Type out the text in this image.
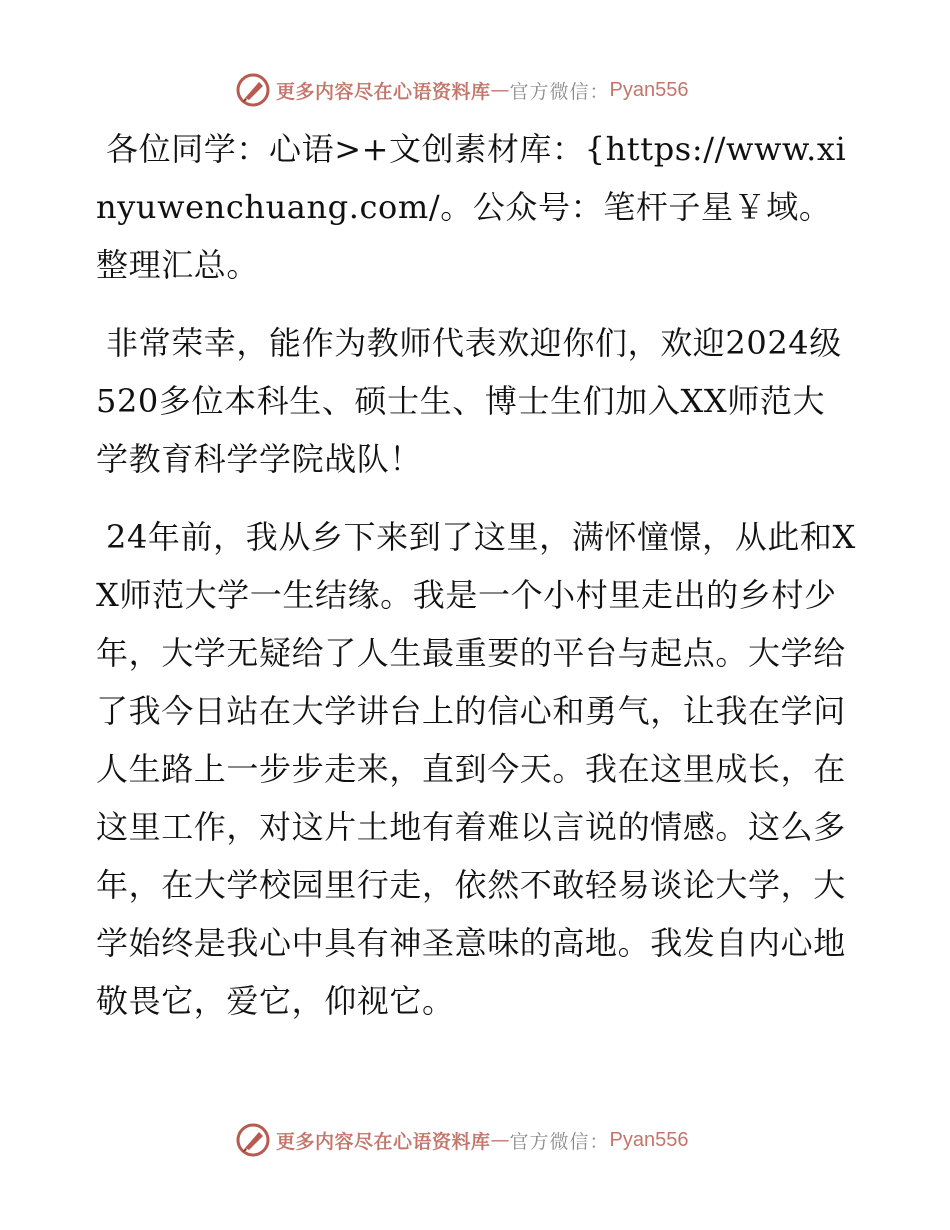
更多内容尽在心语资料库 — 官方微信： Pyan556

各位同学：心语>+文创素材库：{https://www.xinyuwenchuang.com/。公众号：笔杆子星￥域。整理汇总。

非常荣幸，能作为教师代表欢迎你们，欢迎2024级520多位本科生、硕士生、博士生们加入XX师范大学教育科学学院战队！

24年前，我从乡下来到了这里，满怀憧憬，从此和XX师范大学一生结缘。我是一个小村里走出的乡村少年，大学无疑给了人生最重要的平台与起点。大学给了我今日站在大学讲台上的信心和勇气，让我在学问人生路上一步步走来，直到今天。我在这里成长，在这里工作，对这片土地有着难以言说的情感。这么多年，在大学校园里行走，依然不敢轻易谈论大学，大学始终是我心中具有神圣意味的高地。我发自内心地敬畏它，爱它，仰视它。

更多内容尽在心语资料库 — 官方微信： Pyan556
